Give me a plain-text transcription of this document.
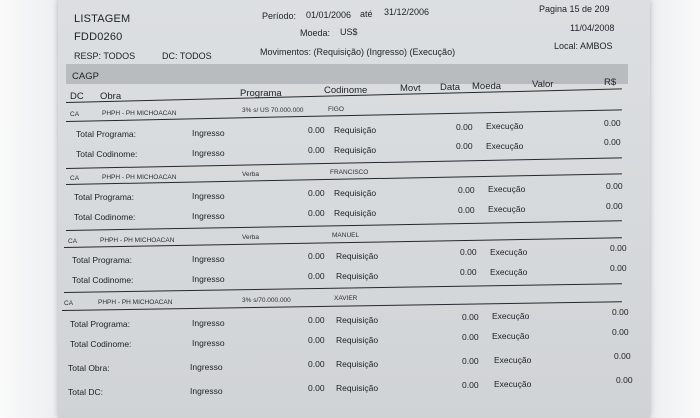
LISTAGEM
FDD0260
RESP: TODOS	DC: TODOS
Período: 01/01/2006 até 31/12/2006
Moeda: US$
Movimentos: (Requisição) (Ingresso) (Execução)
Pagina 15 de 209
11/04/2008
Local: AMBOS
CAGP
DC Obra	Programa	Codinome	Movt Data Moeda	Valor	R$
CA	PHPH - PH MICHOACAN	3% s/ US 70.000.000	FIGO
Total Programa:	Ingresso	0.00 Requisição	0.00 Execução	0.00
Total Codinome:	Ingresso	0.00 Requisição	0.00 Execução	0.00
CA	PHPH - PH MICHOACAN	Verba	FRANCISCO
Total Programa:	Ingresso	0.00 Requisição	0.00 Execução	0.00
Total Codinome:	Ingresso	0.00 Requisição	0.00 Execução	0.00
CA	PHPH - PH MICHOACAN	Verba	MANUEL
Total Programa:	Ingresso	0.00 Requisição	0.00 Execução	0.00
Total Codinome:	Ingresso	0.00 Requisição	0.00 Execução	0.00
CA	PHPH - PH MICHOACAN	3% s/70.000.000	XAVIER
Total Programa:	Ingresso	0.00 Requisição	0.00 Execução	0.00
Total Codinome:	Ingresso	0.00 Requisição	0.00 Execução	0.00
Total Obra:	Ingresso	0.00 Requisição	0.00 Execução	0.00
Total DC:	Ingresso	0.00 Requisição	0.00 Execução	0.00
